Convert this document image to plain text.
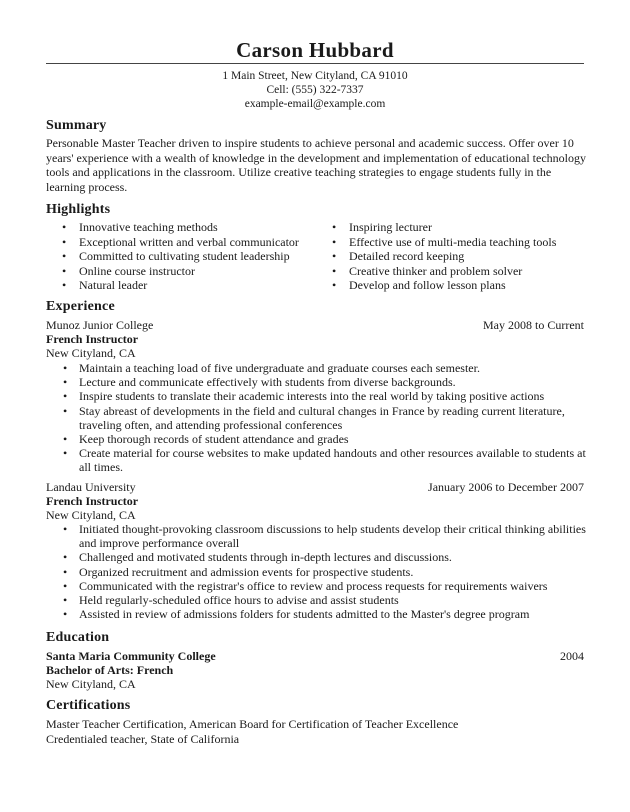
Carson Hubbard
1 Main Street, New Cityland, CA 91010
Cell: (555) 322-7337
example-email@example.com
Summary
Personable Master Teacher driven to inspire students to achieve personal and academic success. Offer over 10 years' experience with a wealth of knowledge in the development and implementation of educational technology tools and applications in the classroom. Utilize creative teaching strategies to engage students fully in the learning process.
Highlights
• Innovative teaching methods
• Exceptional written and verbal communicator
• Committed to cultivating student leadership
• Online course instructor
• Natural leader
• Inspiring lecturer
• Effective use of multi-media teaching tools
• Detailed record keeping
• Creative thinker and problem solver
• Develop and follow lesson plans
Experience
Munoz Junior College	May 2008 to Current
French Instructor
New Cityland, CA
• Maintain a teaching load of five undergraduate and graduate courses each semester.
• Lecture and communicate effectively with students from diverse backgrounds.
• Inspire students to translate their academic interests into the real world by taking positive actions
• Stay abreast of developments in the field and cultural changes in France by reading current literature, traveling often, and attending professional conferences
• Keep thorough records of student attendance and grades
• Create material for course websites to make updated handouts and other resources available to students at all times.
Landau University	January 2006 to December 2007
French Instructor
New Cityland, CA
• Initiated thought-provoking classroom discussions to help students develop their critical thinking abilities and improve performance overall
• Challenged and motivated students through in-depth lectures and discussions.
• Organized recruitment and admission events for prospective students.
• Communicated with the registrar's office to review and process requests for requirements waivers
• Held regularly-scheduled office hours to advise and assist students
• Assisted in review of admissions folders for students admitted to the Master's degree program
Education
Santa Maria Community College	2004
Bachelor of Arts: French
New Cityland, CA
Certifications
Master Teacher Certification, American Board for Certification of Teacher Excellence
Credentialed teacher, State of California
